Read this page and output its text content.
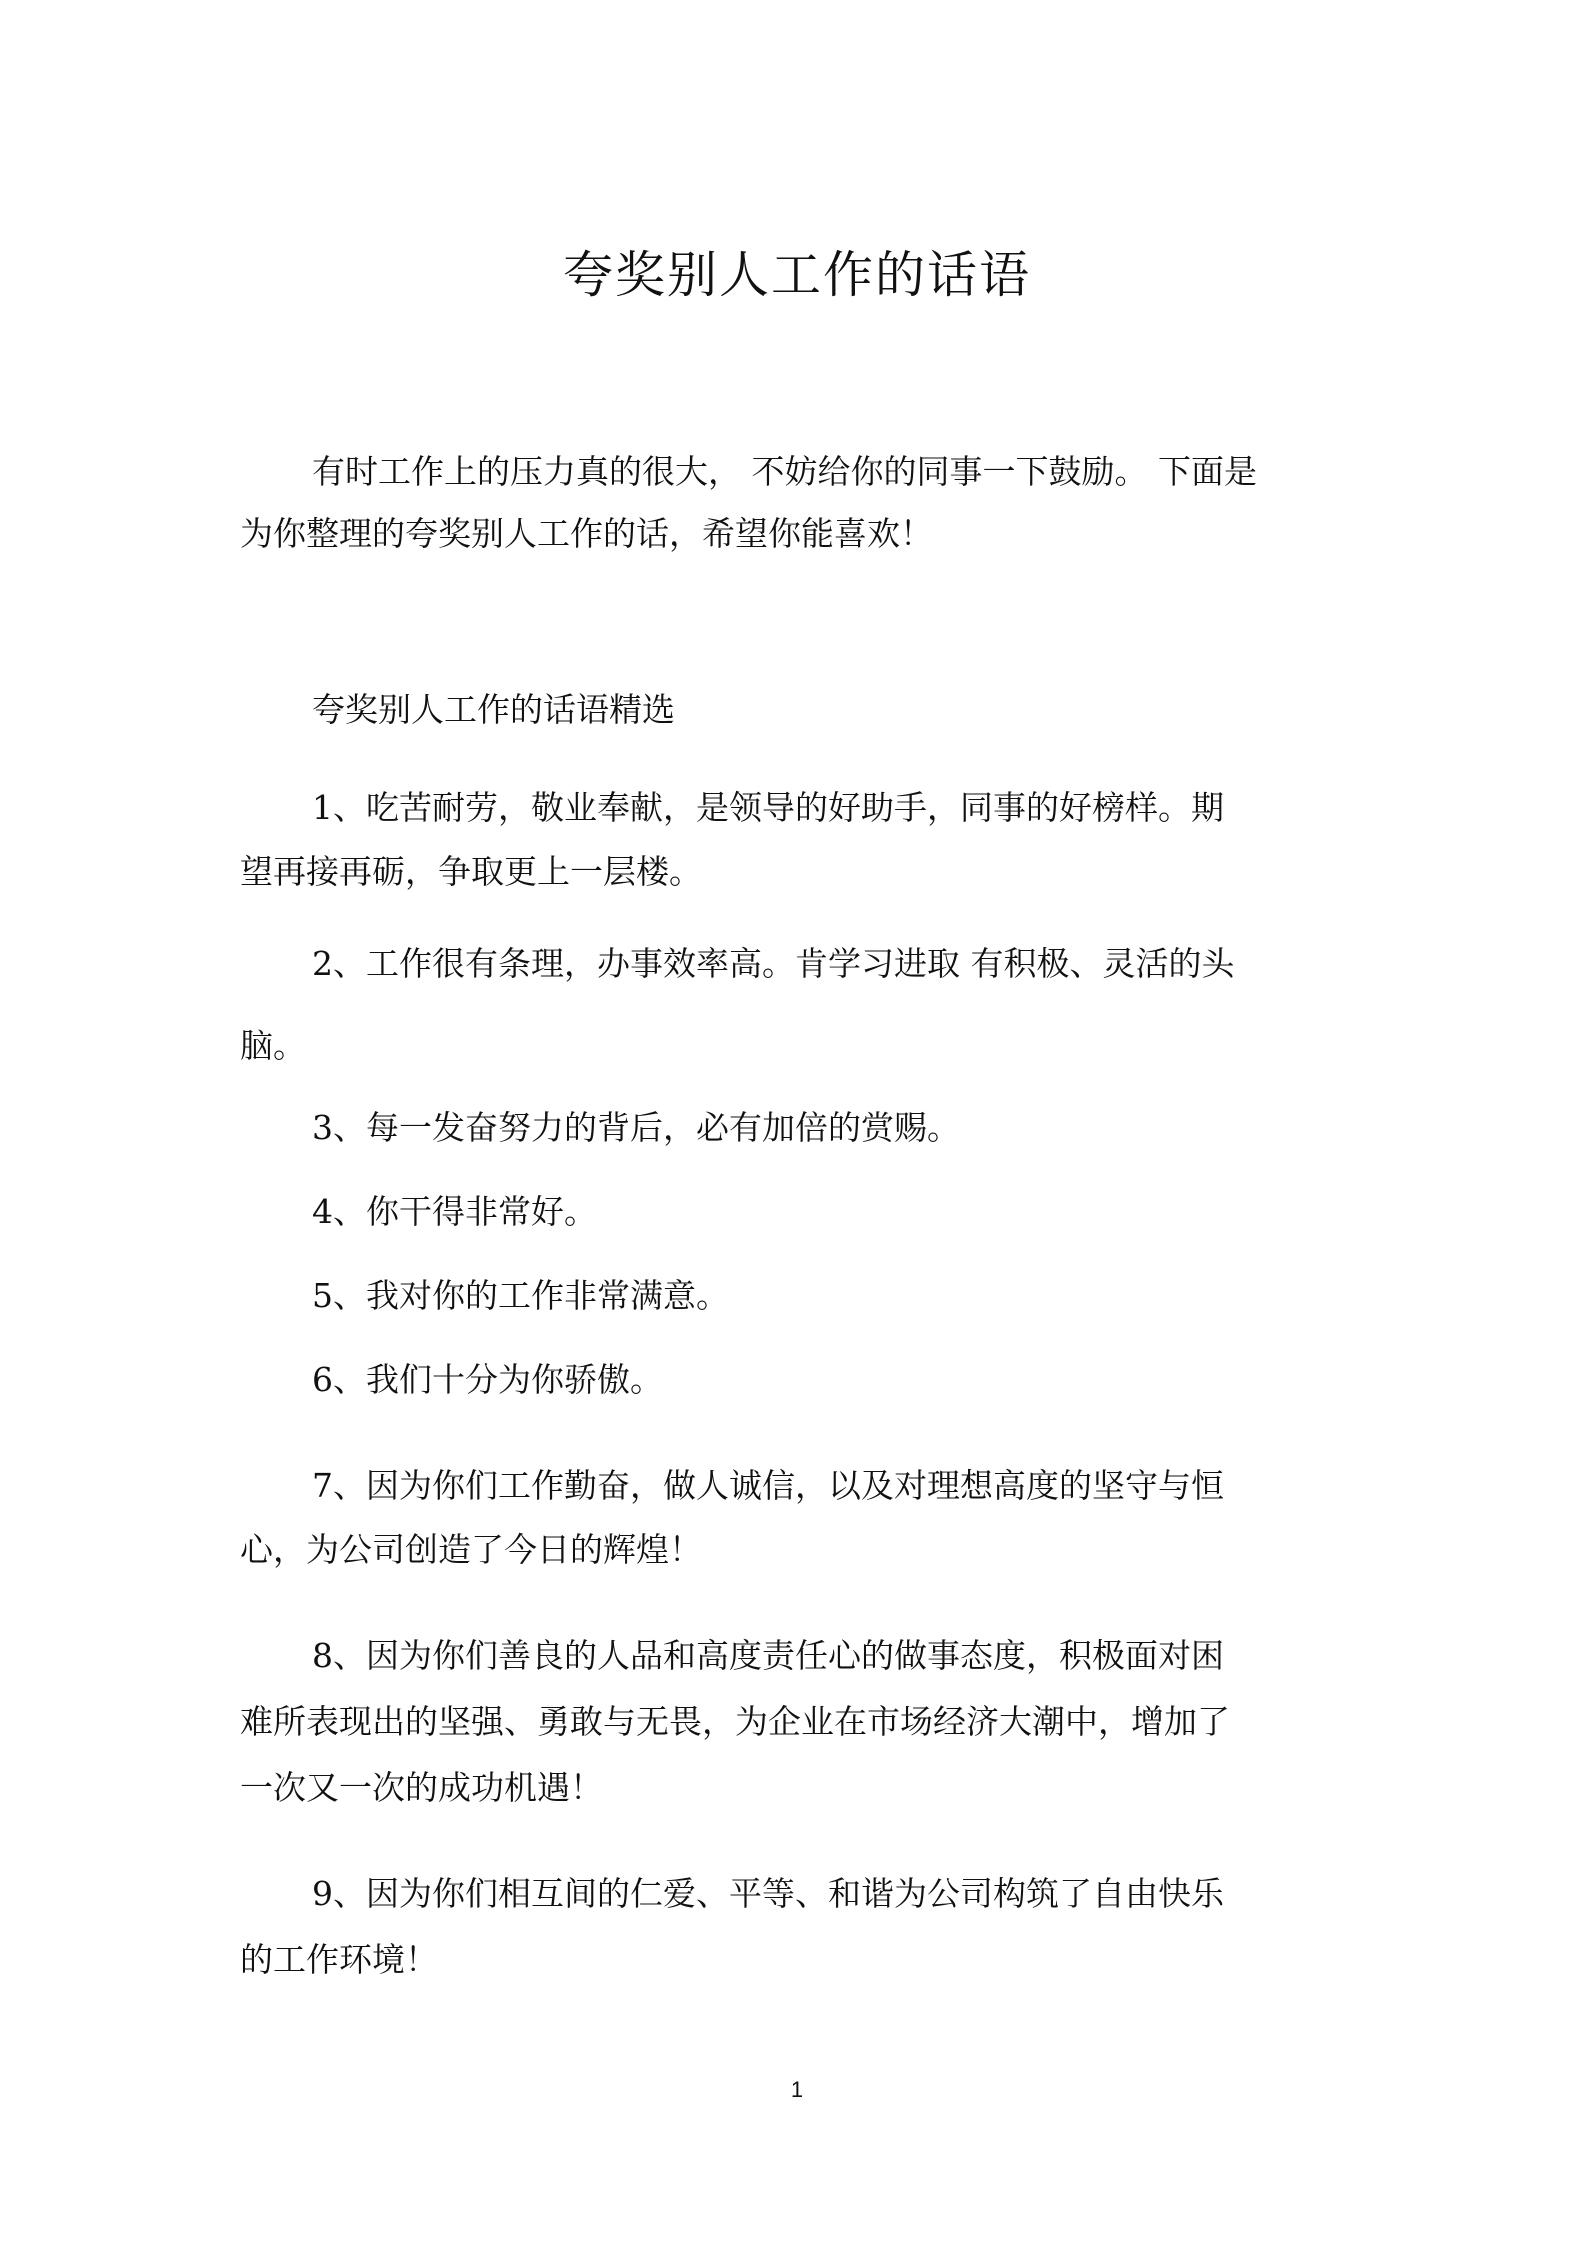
夸奖别人工作的话语
有时工作上的压力真的很大， 不妨给你的同事一下鼓励。 下面是
为你整理的夸奖别人工作的话，希望你能喜欢！
夸奖别人工作的话语精选
1、吃苦耐劳，敬业奉献，是领导的好助手，同事的好榜样。期
望再接再砺，争取更上一层楼。
2、工作很有条理，办事效率高。肯学习进取 有积极、灵活的头
脑。
3、每一发奋努力的背后，必有加倍的赏赐。
4、你干得非常好。
5、我对你的工作非常满意。
6、我们十分为你骄傲。
7、因为你们工作勤奋，做人诚信，以及对理想高度的坚守与恒
心，为公司创造了今日的辉煌！
8、因为你们善良的人品和高度责任心的做事态度，积极面对困
难所表现出的坚强、勇敢与无畏，为企业在市场经济大潮中，增加了
一次又一次的成功机遇！
9、因为你们相互间的仁爱、平等、和谐为公司构筑了自由快乐
的工作环境！
1
